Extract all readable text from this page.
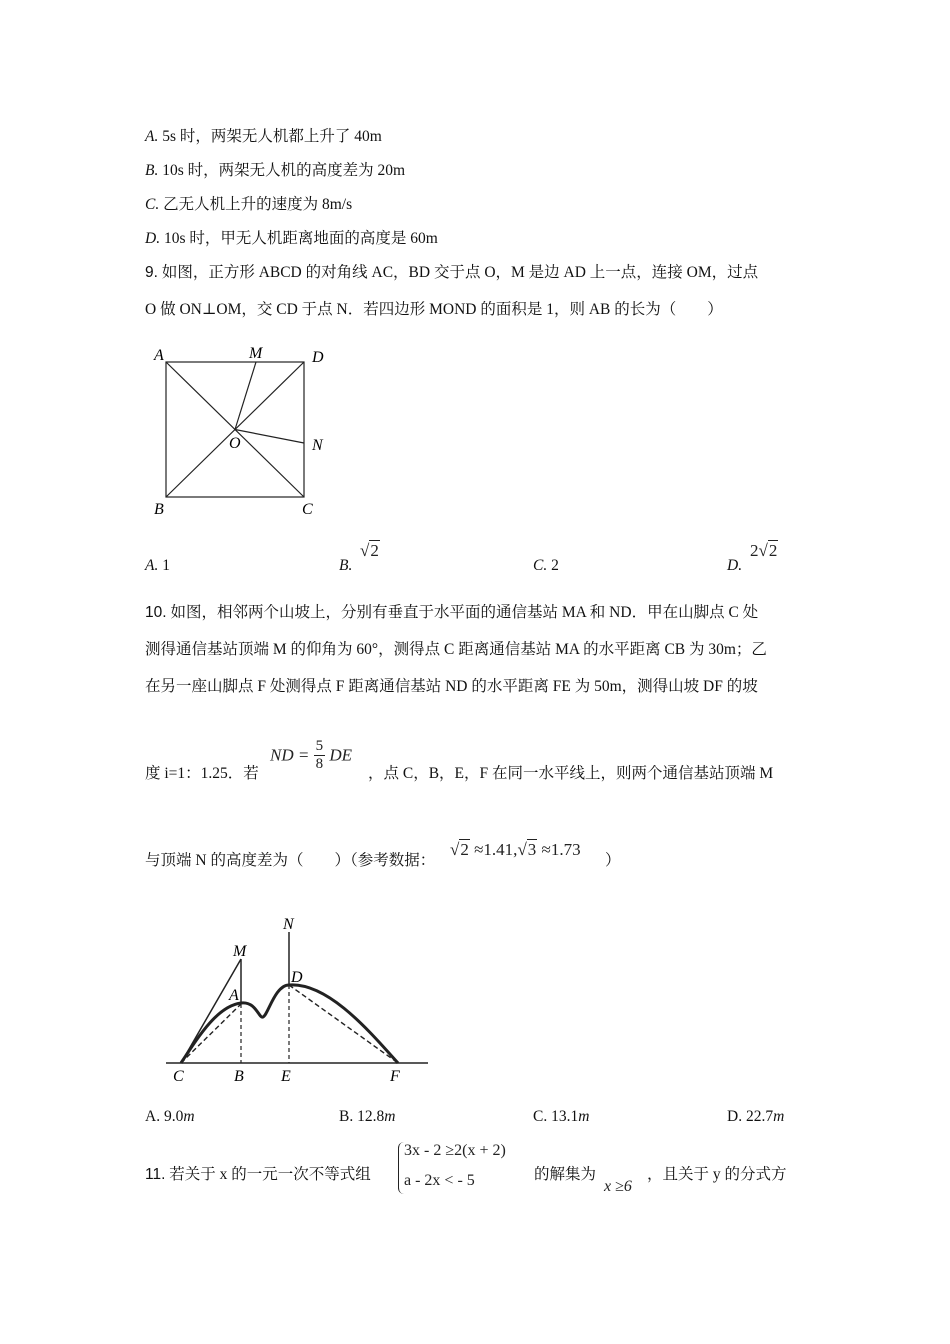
A. 5s 时，两架无人机都上升了 40m
B. 10s 时，两架无人机的高度差为 20m
C. 乙无人机上升的速度为 8m/s
D. 10s 时，甲无人机距离地面的高度是 60m
9. 如图，正方形 ABCD 的对角线 AC，BD 交于点 O，M 是边 AD 上一点，连接 OM，过点
O 做 ON⊥OM，交 CD 于点 N．若四边形 MOND 的面积是 1，则 AB 的长为（　　）
A	M	D
O	N
B	C
A. 1	B.
√2
C. 2	D.
2√2
10. 如图，相邻两个山坡上，分别有垂直于水平面的通信基站 MA 和 ND．甲在山脚点 C 处
测得通信基站顶端 M 的仰角为 60°，测得点 C 距离通信基站 MA 的水平距离 CB 为 30m；乙
在另一座山脚点 F 处测得点 F 距离通信基站 ND 的水平距离 FE 为 50m，测得山坡 DF 的坡
度 i=1：1.25．若
ND = $\frac{5}{8}$ DE
，点 C，B，E，F 在同一水平线上，则两个通信基站顶端 M
与顶端 N 的高度差为（　　）（参考数据：
√2 ≈1.41,√3 ≈1.73
）
N
M
D
A
C	B E	F
A. 9.0m	B. 12.8m	C. 13.1m	D. 22.7m
11. 若关于 x 的一元一次不等式组
3x - 2 ≥2(x + 2)
a - 2x < - 5	的解集为
x ≥6
，且关于 y 的分式方
